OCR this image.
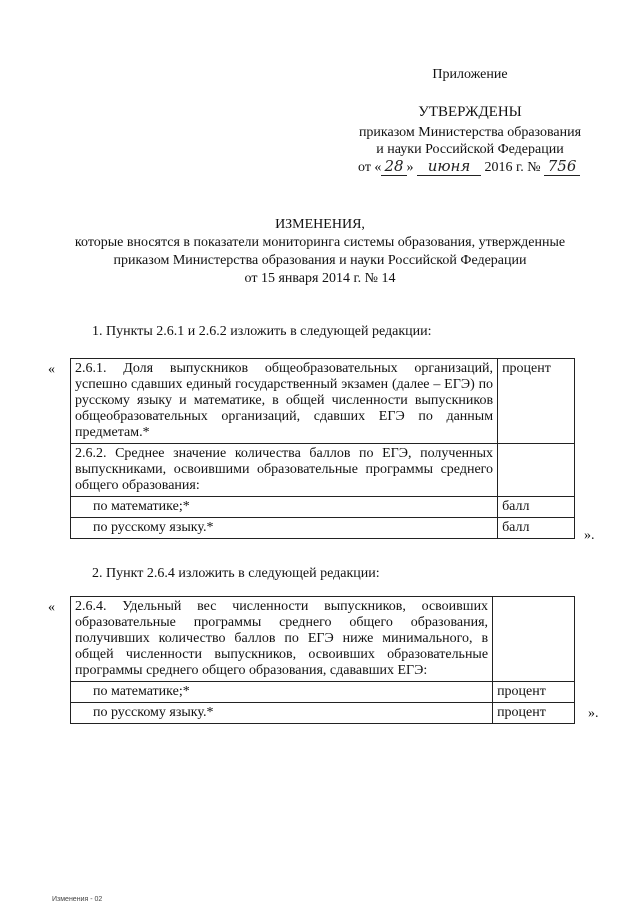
Приложение
УТВЕРЖДЕНЫ
приказом Министерства образования
и науки Российской Федерации
от « 28 » июня 2016 г. № 756
ИЗМЕНЕНИЯ,
которые вносятся в показатели мониторинга системы образования, утвержденные
приказом Министерства образования и науки Российской Федерации
от 15 января 2014 г. № 14
1. Пункты 2.6.1 и 2.6.2 изложить в следующей редакции:
« 2.6.1. Доля выпускников общеобразовательных организаций, успешно сдавших единый государственный экзамен (далее – ЕГЭ) по русскому языку и математике, в общей численности выпускников общеобразовательных организаций, сдавших ЕГЭ по данным предметам.*	процент
2.6.2. Среднее значение количества баллов по ЕГЭ, полученных выпускниками, освоившими образовательные программы среднего общего образования:	
по математике;*	балл
по русскому языку.*	балл
».
2. Пункт 2.6.4 изложить в следующей редакции:
« 2.6.4. Удельный вес численности выпускников, освоивших образовательные программы среднего общего образования, получивших количество баллов по ЕГЭ ниже минимального, в общей численности выпускников, освоивших образовательные программы среднего общего образования, сдававших ЕГЭ:	
по математике;*	процент
по русскому языку.*	процент	».
Изменения - 02
